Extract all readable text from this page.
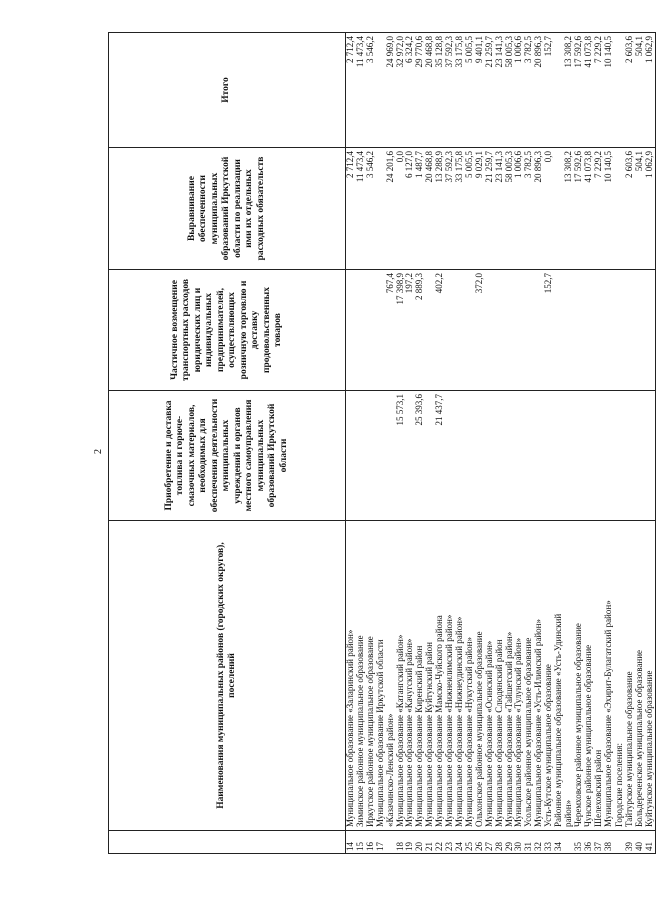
2
	Наименования муниципальных районов (городских округов), поселений	Приобретение и доставка топлива и горюче-смазочных материалов, необходимых для обеспечения деятельности муниципальных учреждений и органов местного самоуправления муниципальных образований Иркутской области	Частичное возмещение транспортных расходов юридических лиц и индивидуальных предпринимателей, осуществляющих розничную торговлю и доставку продовольственных товаров	Выравнивание обеспеченности муниципальных образований Иркутской области по реализации ими их отдельных расходных обязательств	Итого
14	Муниципальное образование «Заларинский район»			2 712,4	2 712,4
15	Зиминское районное муниципальное образование			11 473,4	11 473,4
16	Иркутское районное муниципальное образование			3 546,2	3 546,2
17	Муниципальное образование Иркутской области				
	«Казачинско-Ленский район»		767,4	24 201,6	24 969,0
18	Муниципальное образование «Катангский район»	15 573,1	17 398,9	0,0	32 972,0
19	Муниципальное образование «Качугский район»		197,2	6 127,0	6 324,2
20	Муниципальное образование Киренский район	25 393,6	2 889,3	1 487,7	29 770,6
21	Муниципальное образование Куйтунский район			20 468,8	20 468,8
22	Муниципальное образование Мамско-Чуйского района	21 437,7	402,2	13 288,9	35 128,8
23	Муниципальное образование «Нижнеилимский район»			37 592,3	37 592,3
24	Муниципальное образование «Нижнеудинский район»			33 175,8	33 175,8
25	Муниципальное образование «Нукутский район»			5 005,5	5 005,5
26	Ольхонское районное муниципальное образование		372,0	9 029,1	9 401,1
27	Муниципальное образование «Осинский район»			21 259,7	21 259,7
28	Муниципальное образование Слюдянский район			23 141,3	23 141,3
29	Муниципальное образование «Тайшетский район»			58 005,3	58 005,3
30	Муниципальное образование «Тулунский район»			1 006,6	1 006,6
31	Усольское районное муниципальное образование			3 782,5	3 782,5
32	Муниципальное образование «Усть-Илимский район»			20 896,3	20 896,3
33	Усть-Кутское муниципальное образование		152,7	0,0	152,7
34	Районное муниципальное образование «Усть-Удинский				
	район»			13 308,2	13 308,2
35	Черемховское районное муниципальное образование			17 592,6	17 592,6
36	Чунское районное муниципальное образование			41 073,8	41 073,8
37	Шелеховский район			7 229,2	7 229,2
38	Муниципальное образование «Эхирит-Булагатский район»			10 140,5	10 140,5
	Городские поселения:				
39	Тайтурское муниципальное образование			2 603,6	2 603,6
40	Больдереченское муниципальное образование			504,1	504,1
41	Куйтунское муниципальное образование			1 062,9	1 062,9
